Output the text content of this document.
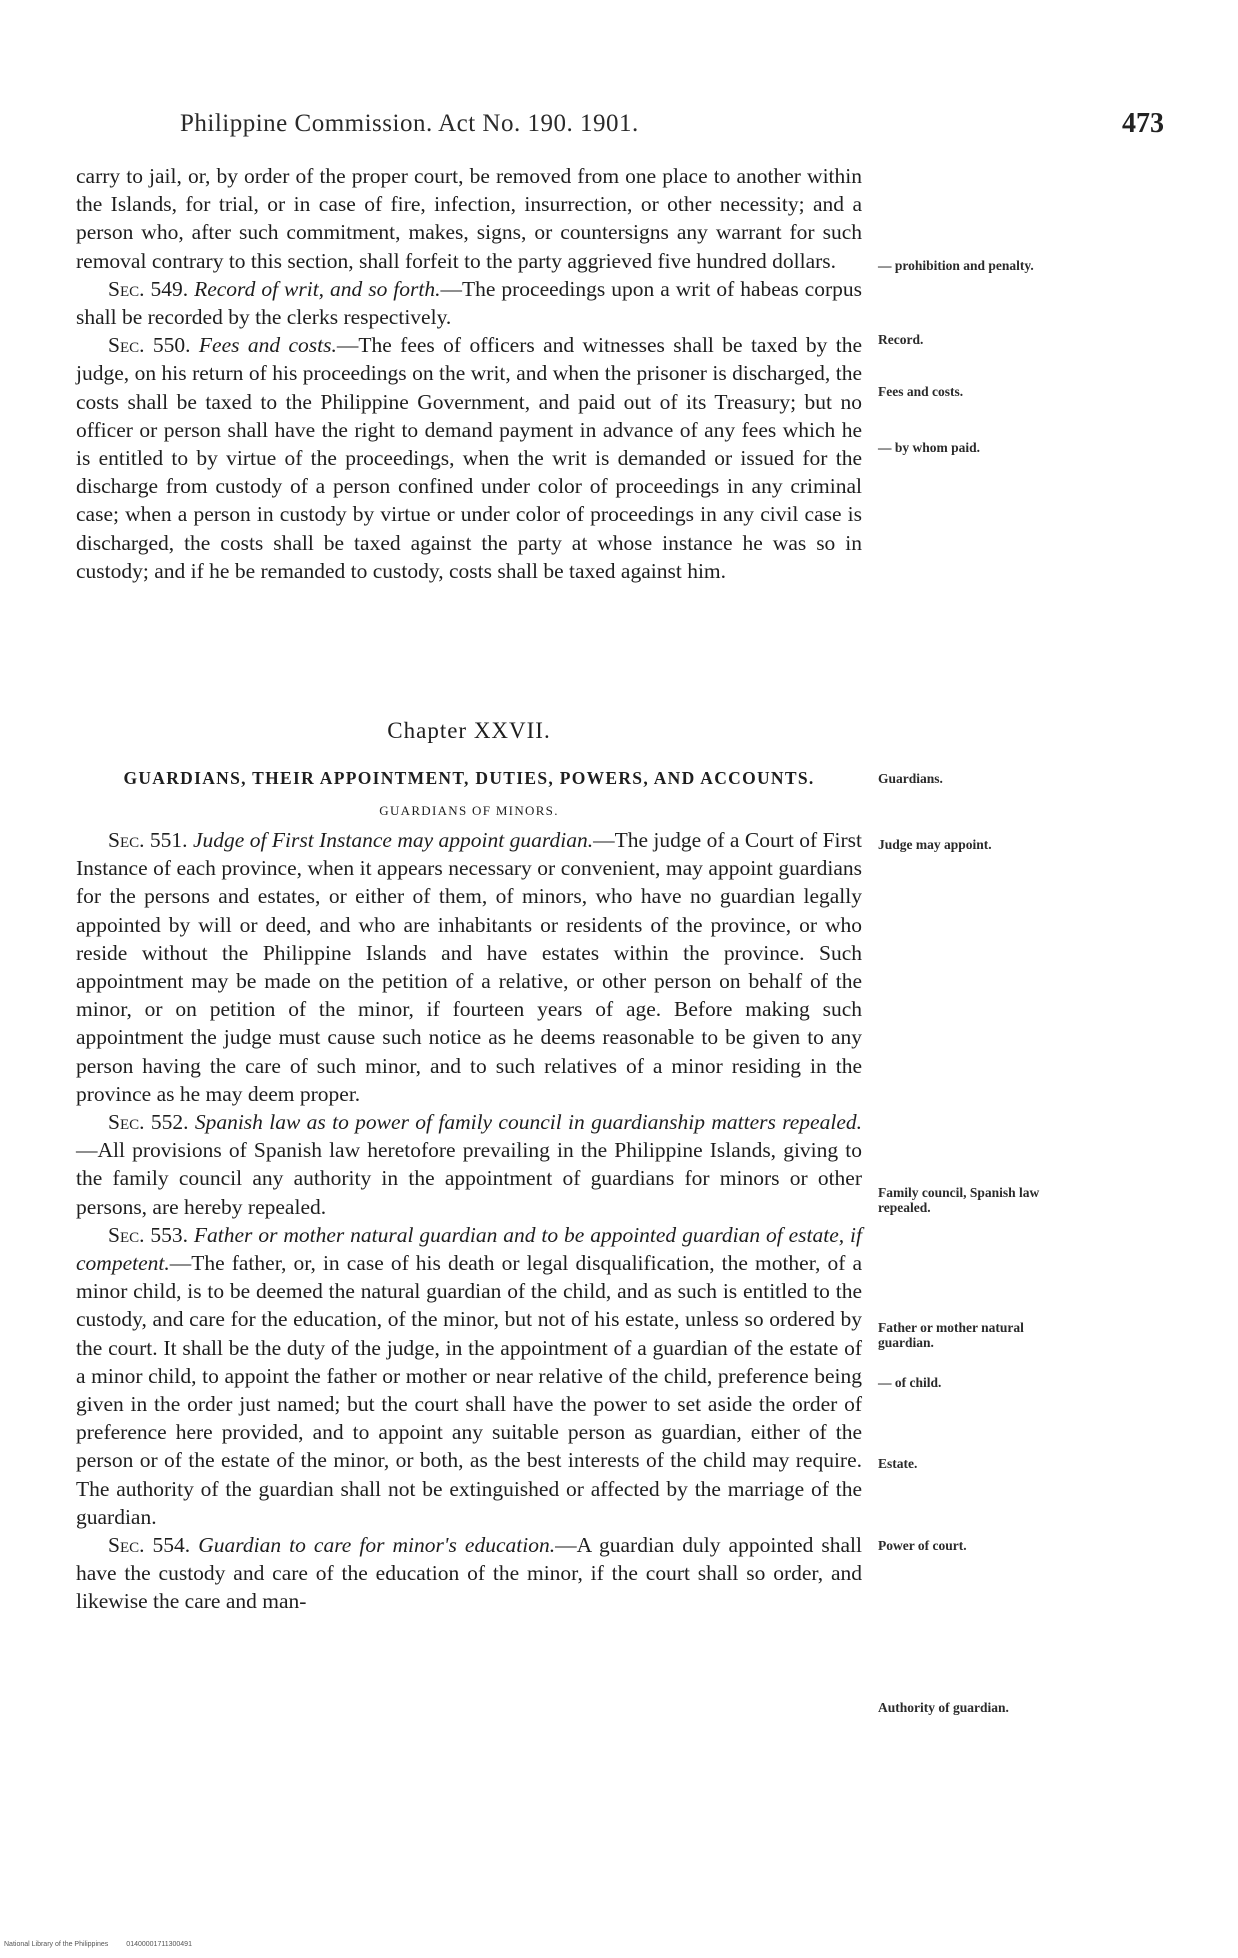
Philippine Commission. Act No. 190. 1901.	473

carry to jail, or, by order of the proper court, be removed from one place to another within the Islands, for trial, or in case of fire, infection, insurrection, or other necessity; and a person who, after such commitment, makes, signs, or countersigns any warrant for such removal contrary to this section, shall forfeit to the party aggrieved five hundred dollars.

Sec. 549. Record of writ, and so forth.—The proceedings upon a writ of habeas corpus shall be recorded by the clerks respectively.

Sec. 550. Fees and costs.—The fees of officers and witnesses shall be taxed by the judge, on his return of his proceedings on the writ, and when the prisoner is discharged, the costs shall be taxed to the Philippine Government, and paid out of its Treasury; but no officer or person shall have the right to demand payment in advance of any fees which he is entitled to by virtue of the proceedings, when the writ is demanded or issued for the discharge from custody of a person confined under color of proceedings in any criminal case; when a person in custody by virtue or under color of proceedings in any civil case is discharged, the costs shall be taxed against the party at whose instance he was so in custody; and if he be remanded to custody, costs shall be taxed against him.

Chapter XXVII.
GUARDIANS, THEIR APPOINTMENT, DUTIES, POWERS, AND ACCOUNTS.
GUARDIANS OF MINORS.

Sec. 551. Judge of First Instance may appoint guardian.—The judge of a Court of First Instance of each province, when it appears necessary or convenient, may appoint guardians for the persons and estates, or either of them, of minors, who have no guardian legally appointed by will or deed, and who are inhabitants or residents of the province, or who reside without the Philippine Islands and have estates within the province. Such appointment may be made on the petition of a relative, or other person on behalf of the minor, or on petition of the minor, if fourteen years of age. Before making such appointment the judge must cause such notice as he deems reasonable to be given to any person having the care of such minor, and to such relatives of a minor residing in the province as he may deem proper.

Sec. 552. Spanish law as to power of family council in guardianship matters repealed.—All provisions of Spanish law heretofore prevailing in the Philippine Islands, giving to the family council any authority in the appointment of guardians for minors or other persons, are hereby repealed.

Sec. 553. Father or mother natural guardian and to be appointed guardian of estate, if competent.—The father, or, in case of his death or legal disqualification, the mother, of a minor child, is to be deemed the natural guardian of the child, and as such is entitled to the custody, and care for the education, of the minor, but not of his estate, unless so ordered by the court. It shall be the duty of the judge, in the appointment of a guardian of the estate of a minor child, to appoint the father or mother or near relative of the child, preference being given in the order just named; but the court shall have the power to set aside the order of preference here provided, and to appoint any suitable person as guardian, either of the person or of the estate of the minor, or both, as the best interests of the child may require. The authority of the guardian shall not be extinguished or affected by the marriage of the guardian.

Sec. 554. Guardian to care for minor's education.—A guardian duly appointed shall have the custody and care of the education of the minor, if the court shall so order, and likewise the care and man-

— prohibition and penalty.
Record.
Fees and costs.
— by whom paid.
Guardians.
Judge may appoint.
Family council, Spanish law repealed.
Father or mother natural guardian.
— of child.
Estate.
Power of court.
Authority of guardian.
National Library of the Philippines	01400001711300491
